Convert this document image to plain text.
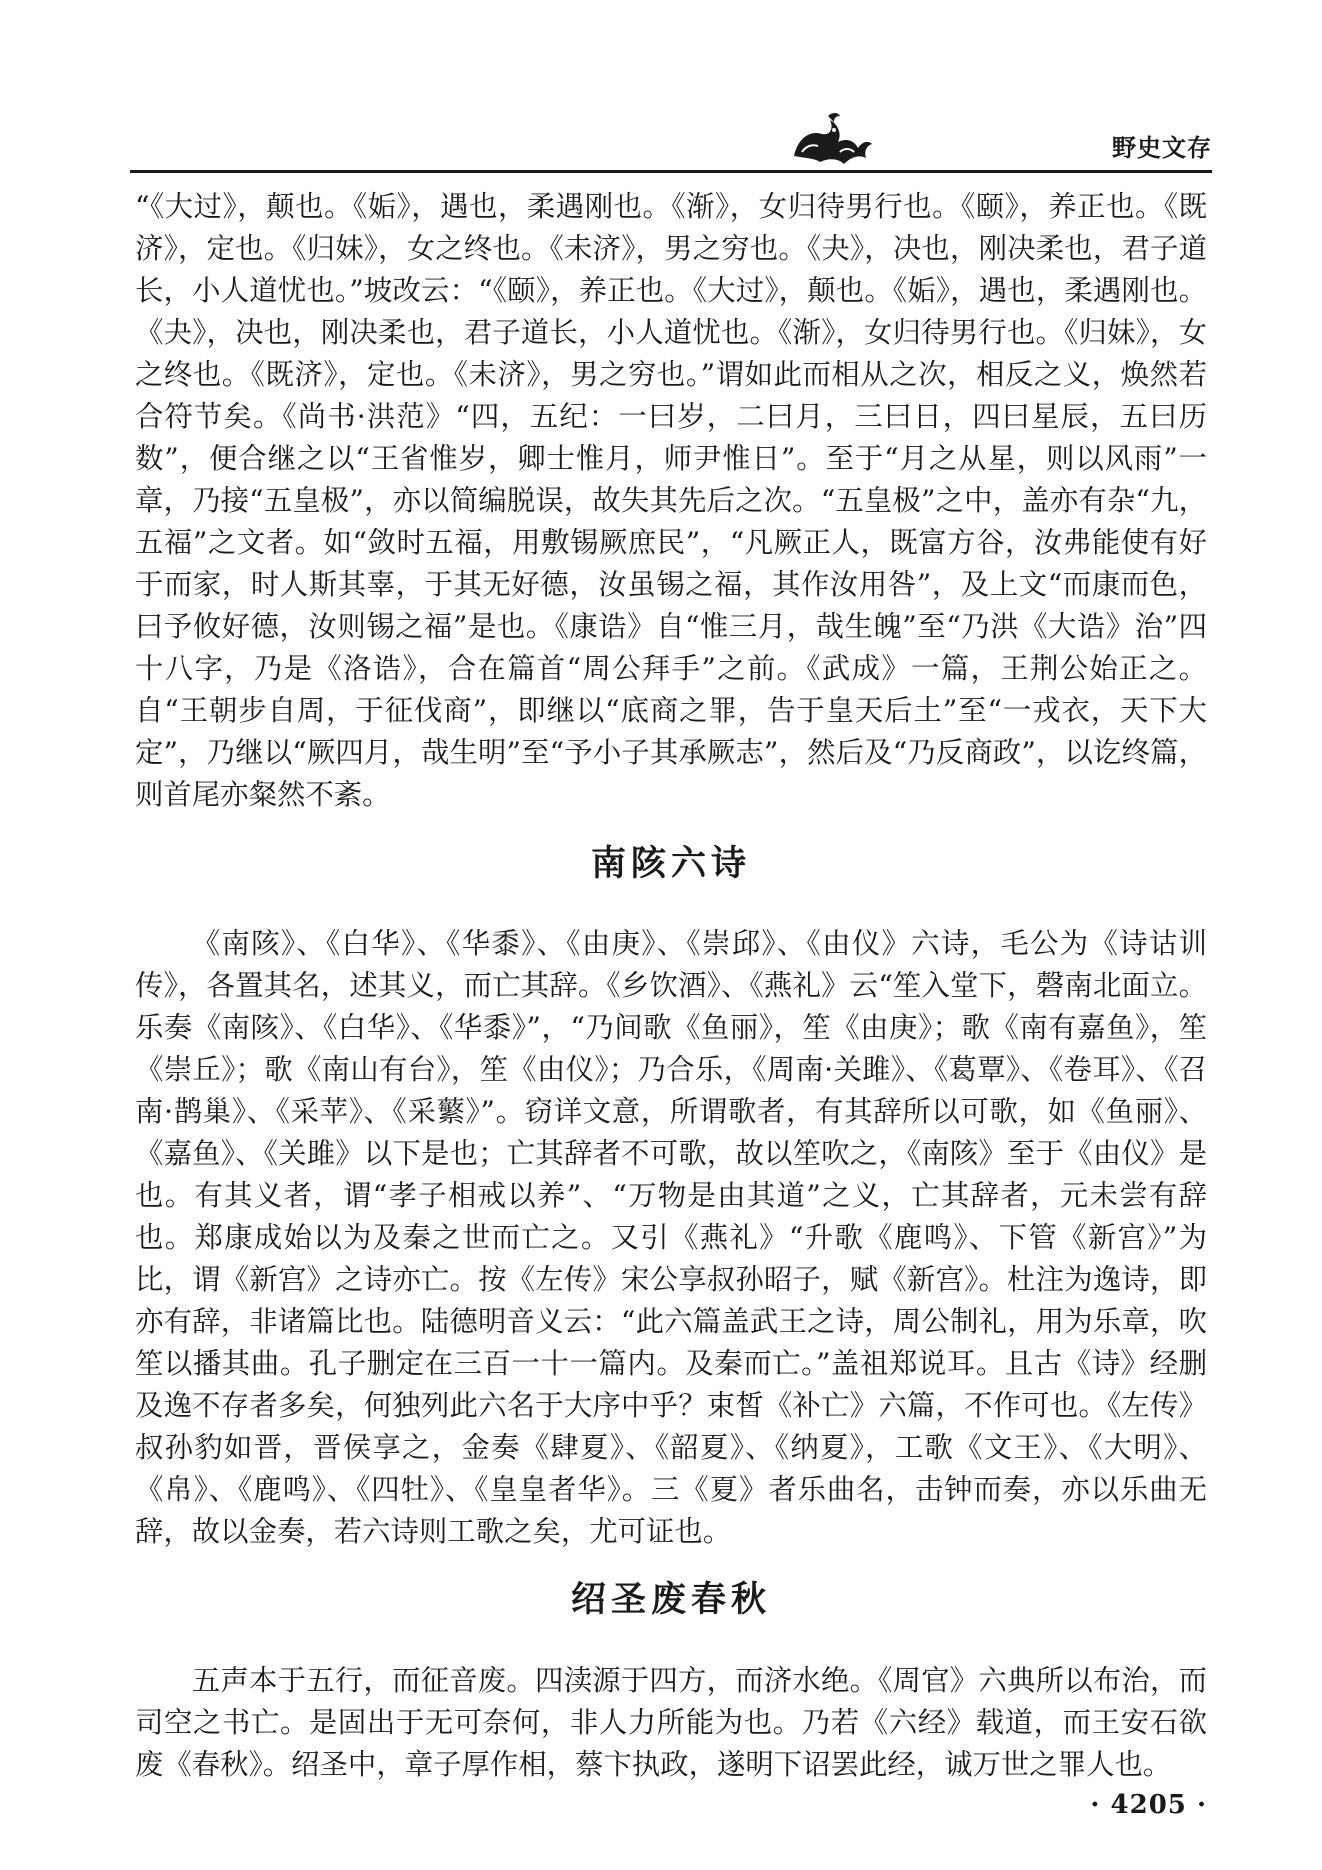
野史文存

“《大过》，颠也。《姤》，遇也，柔遇刚也。《渐》，女归待男行也。《颐》，养正也。《既济》，定也。《归妹》，女之终也。《未济》，男之穷也。《夬》，决也，刚决柔也，君子道长，小人道忧也。”坡改云：“《颐》，养正也。《大过》，颠也。《姤》，遇也，柔遇刚也。《夬》，决也，刚决柔也，君子道长，小人道忧也。《渐》，女归待男行也。《归妹》，女之终也。《既济》，定也。《未济》，男之穷也。”谓如此而相从之次，相反之义，焕然若合符节矣。《尚书·洪范》“四，五纪：一曰岁，二曰月，三曰日，四曰星辰，五曰历数”，便合继之以“王省惟岁，卿士惟月，师尹惟日”。至于“月之从星，则以风雨”一章，乃接“五皇极”，亦以简编脱误，故失其先后之次。“五皇极”之中，盖亦有杂“九，五福”之文者。如“敛时五福，用敷锡厥庶民”，“凡厥正人，既富方谷，汝弗能使有好于而家，时人斯其辜，于其无好德，汝虽锡之福，其作汝用咎”，及上文“而康而色，曰予攸好德，汝则锡之福”是也。《康诰》自“惟三月，哉生魄”至“乃洪《大诰》治”四十八字，乃是《洛诰》，合在篇首“周公拜手”之前。《武成》一篇，王荆公始正之。自“王朝步自周，于征伐商”，即继以“底商之罪，告于皇天后土”至“一戎衣，天下大定”，乃继以“厥四月，哉生明”至“予小子其承厥志”，然后及“乃反商政”，以讫终篇，则首尾亦粲然不紊。

南陔六诗

《南陔》、《白华》、《华黍》、《由庚》、《崇邱》、《由仪》六诗，毛公为《诗诂训传》，各置其名，述其义，而亡其辞。《乡饮酒》、《燕礼》云“笙入堂下，磬南北面立。乐奏《南陔》、《白华》、《华黍》”，“乃间歌《鱼丽》，笙《由庚》；歌《南有嘉鱼》，笙《崇丘》；歌《南山有台》，笙《由仪》；乃合乐，《周南·关雎》、《葛覃》、《卷耳》、《召南·鹊巢》、《采苹》、《采蘩》”。窃详文意，所谓歌者，有其辞所以可歌，如《鱼丽》、《嘉鱼》、《关雎》以下是也；亡其辞者不可歌，故以笙吹之，《南陔》至于《由仪》是也。有其义者，谓“孝子相戒以养”、“万物是由其道”之义，亡其辞者，元未尝有辞也。郑康成始以为及秦之世而亡之。又引《燕礼》“升歌《鹿鸣》、下管《新宫》”为比，谓《新宫》之诗亦亡。按《左传》宋公享叔孙昭子，赋《新宫》。杜注为逸诗，即亦有辞，非诸篇比也。陆德明音义云：“此六篇盖武王之诗，周公制礼，用为乐章，吹笙以播其曲。孔子删定在三百一十一篇内。及秦而亡。”盖祖郑说耳。且古《诗》经删及逸不存者多矣，何独列此六名于大序中乎？束皙《补亡》六篇，不作可也。《左传》叔孙豹如晋，晋侯享之，金奏《肆夏》、《韶夏》、《纳夏》，工歌《文王》、《大明》、《帛》、《鹿鸣》、《四牡》、《皇皇者华》。三《夏》者乐曲名，击钟而奏，亦以乐曲无辞，故以金奏，若六诗则工歌之矣，尤可证也。

绍圣废春秋

五声本于五行，而征音废。四渎源于四方，而济水绝。《周官》六典所以布治，而司空之书亡。是固出于无可奈何，非人力所能为也。乃若《六经》载道，而王安石欲废《春秋》。绍圣中，章子厚作相，蔡卞执政，遂明下诏罢此经，诚万世之罪人也。

· 4205 ·
